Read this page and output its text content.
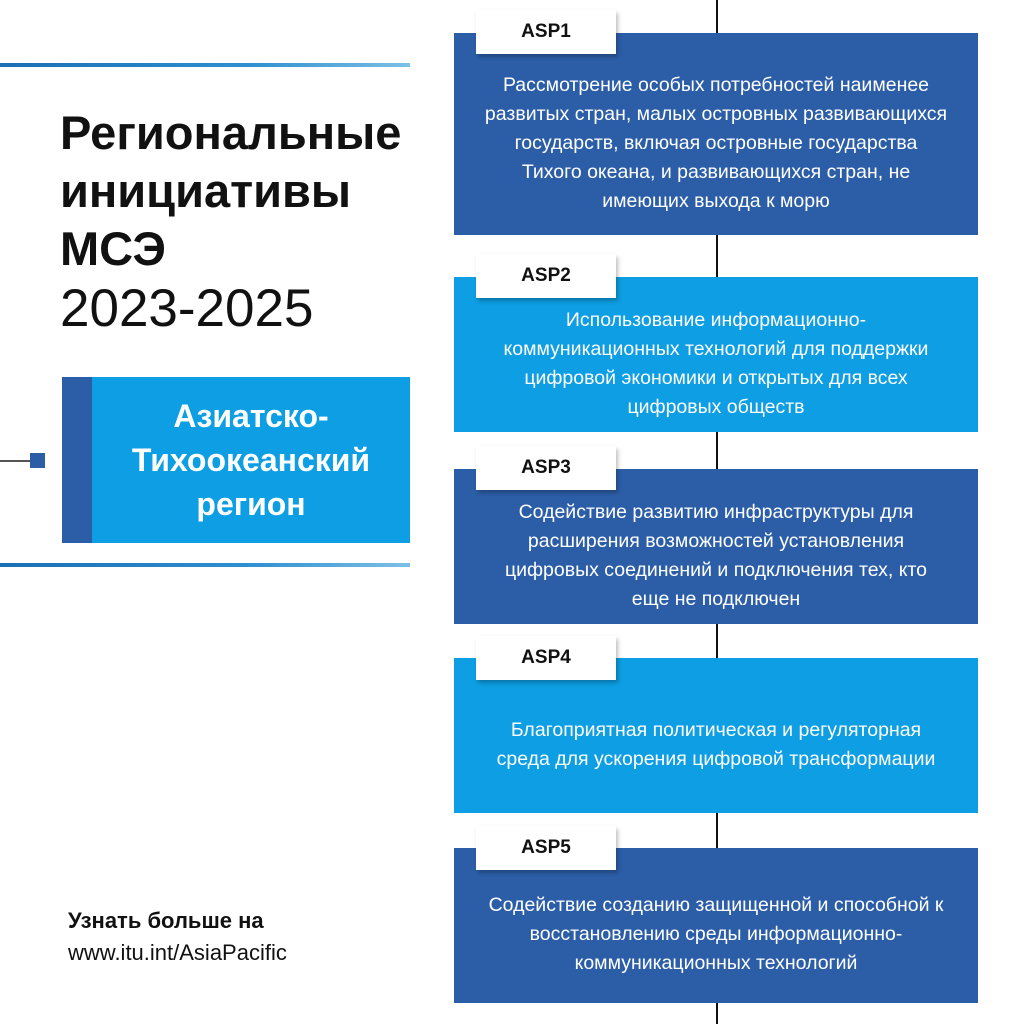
Региональные
инициативы
МСЭ
2023-2025
Азиатско-
Тихоокеанский
регион
Рассмотрение особых потребностей наименее развитых стран, малых островных развивающихся государств, включая островные государства Тихого океана, и развивающихся стран, не имеющих выхода к морю
ASP1
Использование информационно-коммуникационных технологий для поддержки цифровой экономики и открытых для всех цифровых обществ
ASP2
Содействие развитию инфраструктуры для расширения возможностей установления цифровых соединений и подключения тех, кто еще не подключен
ASP3
Благоприятная политическая и регуляторная среда для ускорения цифровой трансформации
ASP4
Содействие созданию защищенной и способной к восстановлению среды информационно-коммуникационных технологий
ASP5
Узнать больше на
www.itu.int/AsiaPacific
